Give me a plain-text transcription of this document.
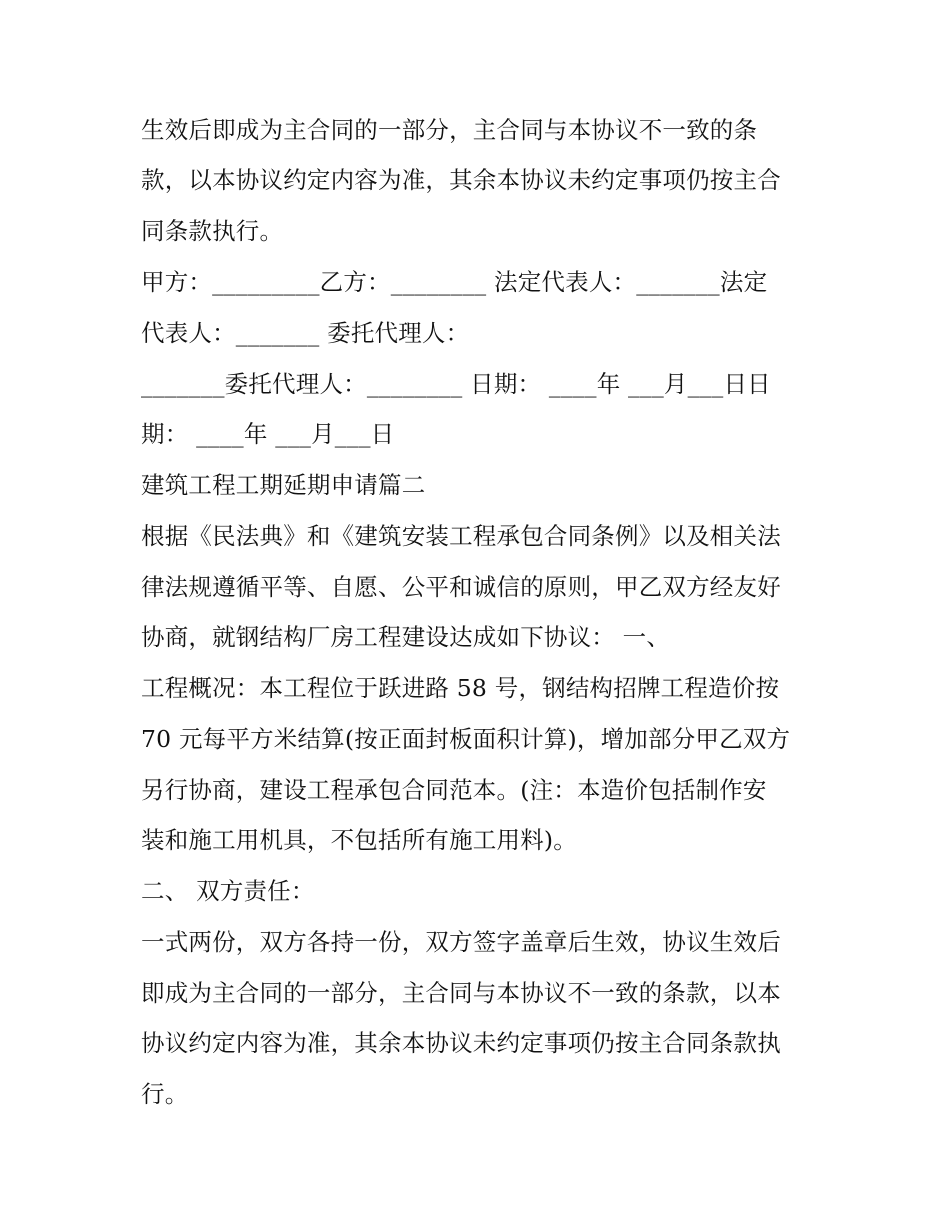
生效后即成为主合同的一部分，主合同与本协议不一致的条
款，以本协议约定内容为准，其余本协议未约定事项仍按主合
同条款执行。
甲方：_________乙方：________ 法定代表人：_______法定
代表人：_______ 委托代理人：
_______委托代理人：________ 日期： ____年 ___月___日日
期： ____年 ___月___日
建筑工程工期延期申请篇二
根据《民法典》和《建筑安装工程承包合同条例》以及相关法
律法规遵循平等、自愿、公平和诚信的原则，甲乙双方经友好
协商，就钢结构厂房工程建设达成如下协议： 一、
工程概况：本工程位于跃进路 58 号，钢结构招牌工程造价按
70 元每平方米结算(按正面封板面积计算)，增加部分甲乙双方
另行协商，建设工程承包合同范本。(注：本造价包括制作安
装和施工用机具，不包括所有施工用料)。
二、 双方责任：
一式两份，双方各持一份，双方签字盖章后生效，协议生效后
即成为主合同的一部分，主合同与本协议不一致的条款，以本
协议约定内容为准，其余本协议未约定事项仍按主合同条款执
行。
